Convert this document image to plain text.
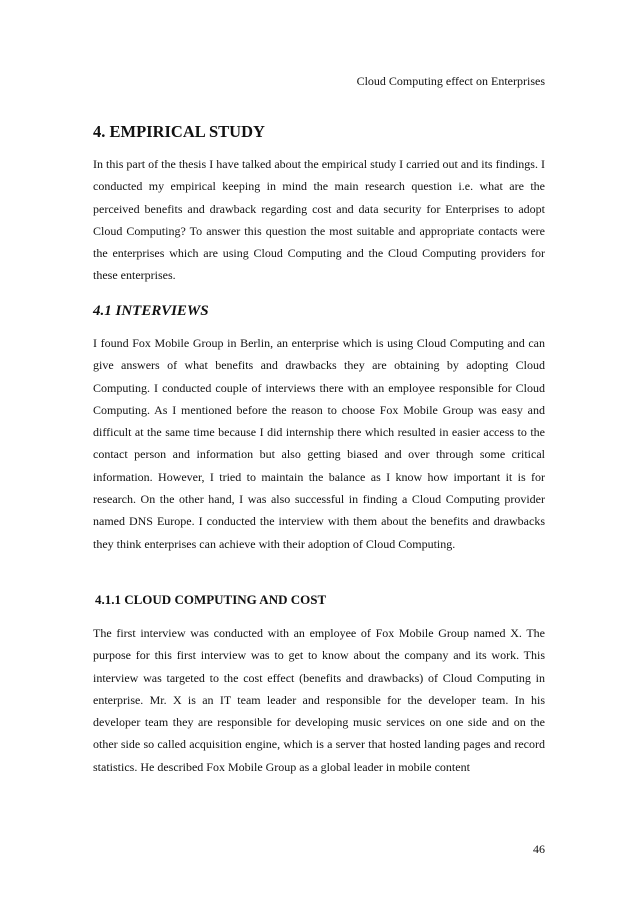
Cloud Computing effect on Enterprises
4. EMPIRICAL STUDY
In this part of the thesis I have talked about the empirical study I carried out and its findings. I conducted my empirical keeping in mind the main research question i.e. what are the perceived benefits and drawback regarding cost and data security for Enterprises to adopt Cloud Computing? To answer this question the most suitable and appropriate contacts were the enterprises which are using Cloud Computing and the Cloud Computing providers for these enterprises.
4.1 INTERVIEWS
I found Fox Mobile Group in Berlin, an enterprise which is using Cloud Computing and can give answers of what benefits and drawbacks they are obtaining by adopting Cloud Computing. I conducted couple of interviews there with an employee responsible for Cloud Computing. As I mentioned before the reason to choose Fox Mobile Group was easy and difficult at the same time because I did internship there which resulted in easier access to the contact person and information but also getting biased and over through some critical information. However, I tried to maintain the balance as I know how important it is for research. On the other hand, I was also successful in finding a Cloud Computing provider named DNS Europe. I conducted the interview with them about the benefits and drawbacks they think enterprises can achieve with their adoption of Cloud Computing.
4.1.1 CLOUD COMPUTING AND COST
The first interview was conducted with an employee of Fox Mobile Group named X. The purpose for this first interview was to get to know about the company and its work. This interview was targeted to the cost effect (benefits and drawbacks) of Cloud Computing in enterprise. Mr. X is an IT team leader and responsible for the developer team. In his developer team they are responsible for developing music services on one side and on the other side so called acquisition engine, which is a server that hosted landing pages and record statistics. He described Fox Mobile Group as a global leader in mobile content
46
